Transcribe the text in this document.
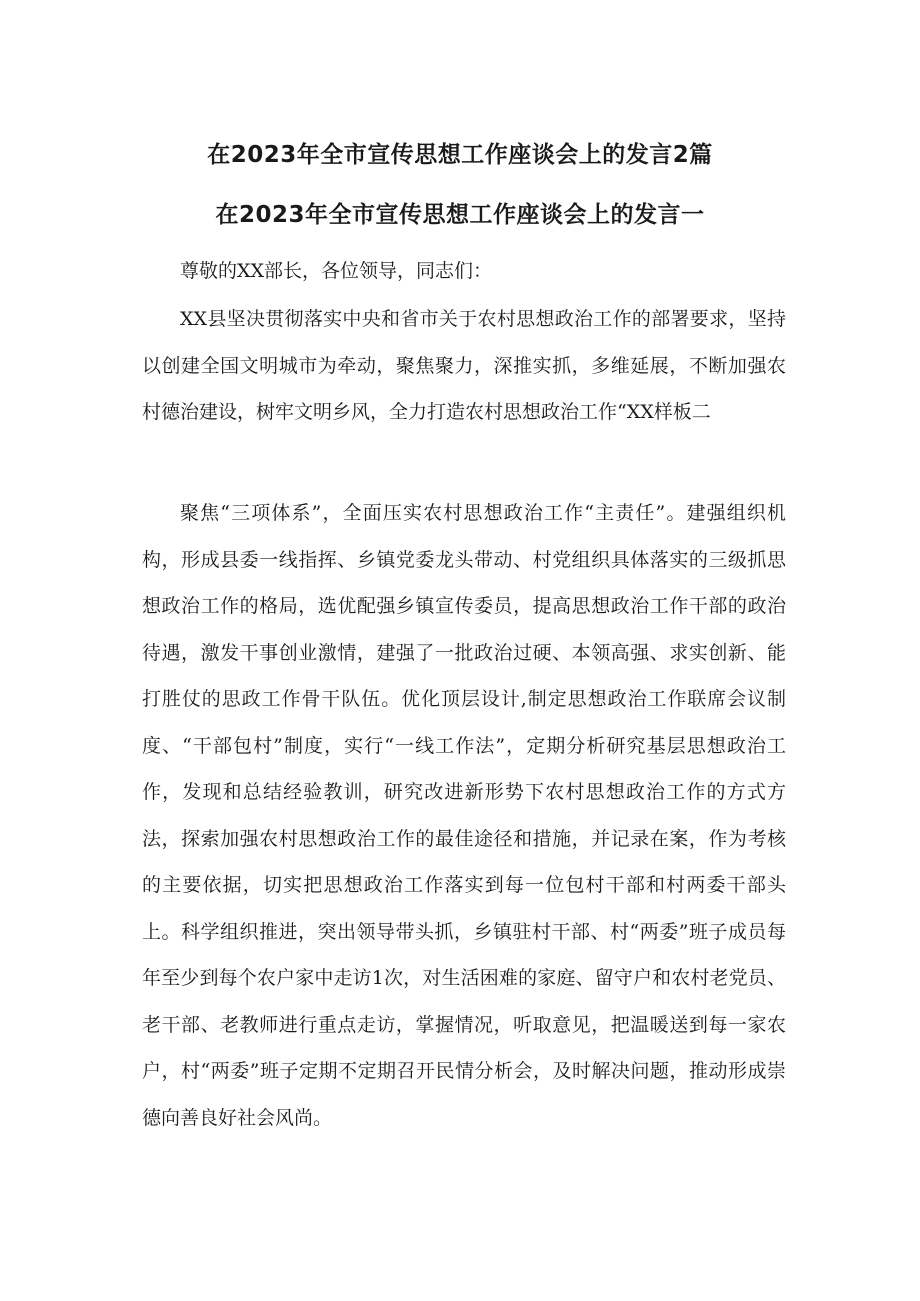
在2023年全市宣传思想工作座谈会上的发言2篇
在2023年全市宣传思想工作座谈会上的发言一

尊敬的XX部长，各位领导，同志们：

XX县坚决贯彻落实中央和省市关于农村思想政治工作的部署要求，坚持以创建全国文明城市为牵动，聚焦聚力，深推实抓，多维延展，不断加强农村德治建设，树牢文明乡风，全力打造农村思想政治工作“XX样板二

聚焦“三项体系”，全面压实农村思想政治工作“主责任”。建强组织机构，形成县委一线指挥、乡镇党委龙头带动、村党组织具体落实的三级抓思想政治工作的格局，选优配强乡镇宣传委员，提高思想政治工作干部的政治待遇，激发干事创业激情，建强了一批政治过硬、本领高强、求实创新、能打胜仗的思政工作骨干队伍。优化顶层设计,制定思想政治工作联席会议制度、“干部包村”制度，实行“一线工作法”，定期分析研究基层思想政治工作，发现和总结经验教训，研究改进新形势下农村思想政治工作的方式方法，探索加强农村思想政治工作的最佳途径和措施，并记录在案，作为考核的主要依据，切实把思想政治工作落实到每一位包村干部和村两委干部头上。科学组织推进，突出领导带头抓，乡镇驻村干部、村“两委”班子成员每年至少到每个农户家中走访1次，对生活困难的家庭、留守户和农村老党员、老干部、老教师进行重点走访，掌握情况，听取意见，把温暖送到每一家农户，村“两委”班子定期不定期召开民情分析会，及时解决问题，推动形成崇德向善良好社会风尚。
